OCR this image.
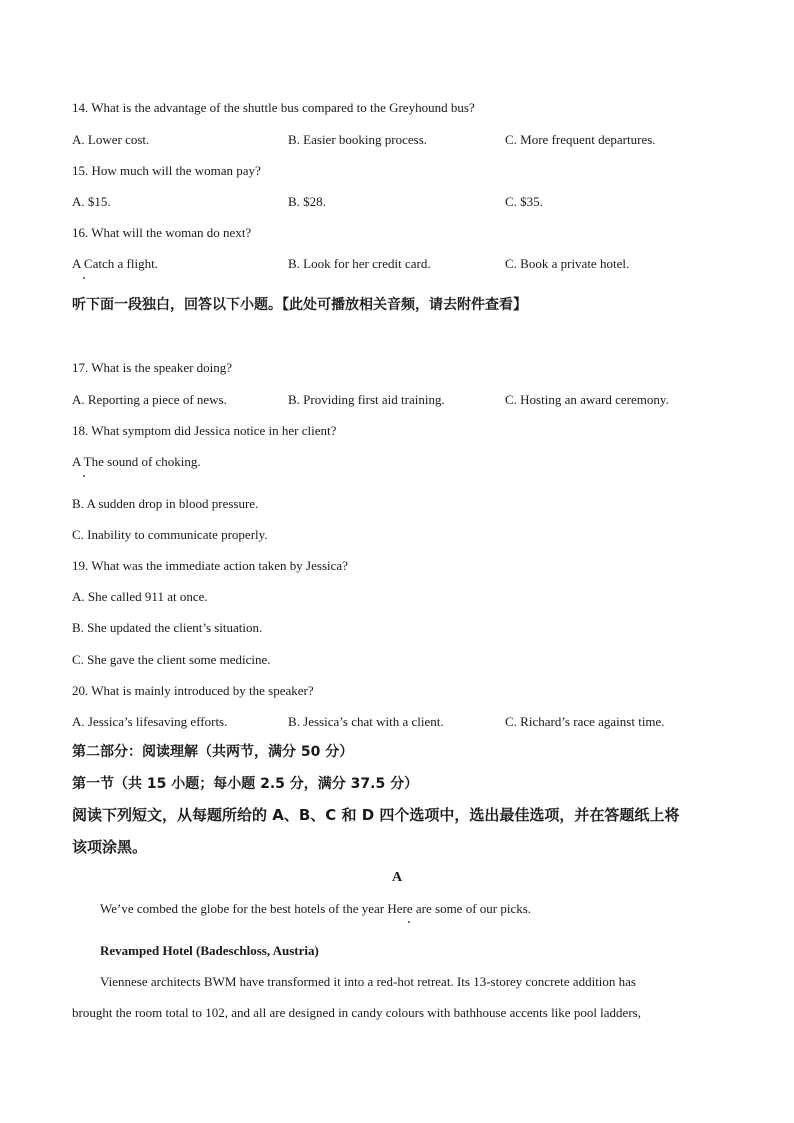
14. What is the advantage of the shuttle bus compared to the Greyhound bus?
A. Lower cost.	B. Easier booking process.	C. More frequent departures.
15. How much will the woman pay?
A. $15.	B. $28.	C. $35.
16. What will the woman do next?
A Catch a flight.	B. Look for her credit card.	C. Book a private hotel.
听下面一段独白，回答以下小题。【此处可播放相关音频，请去附件查看】
17. What is the speaker doing?
A. Reporting a piece of news.	B. Providing first aid training.	C. Hosting an award ceremony.
18. What symptom did Jessica notice in her client?
A The sound of choking.
B. A sudden drop in blood pressure.
C. Inability to communicate properly.
19. What was the immediate action taken by Jessica?
A. She called 911 at once.
B. She updated the client’s situation.
C. She gave the client some medicine.
20. What is mainly introduced by the speaker?
A. Jessica’s lifesaving efforts.	B. Jessica’s chat with a client.	C. Richard’s race against time.
第二部分：阅读理解（共两节，满分 50 分）
第一节（共 15 小题；每小题 2.5 分，满分 37.5 分）
阅读下列短文，从每题所给的 A、B、C 和 D 四个选项中，选出最佳选项，并在答题纸上将
该项涂黑。
A
We’ve combed the globe for the best hotels of the year Here are some of our picks.
Revamped Hotel (Badeschloss, Austria)
Viennese architects BWM have transformed it into a red-hot retreat. Its 13-storey concrete addition has
brought the room total to 102, and all are designed in candy colours with bathhouse accents like pool ladders,
